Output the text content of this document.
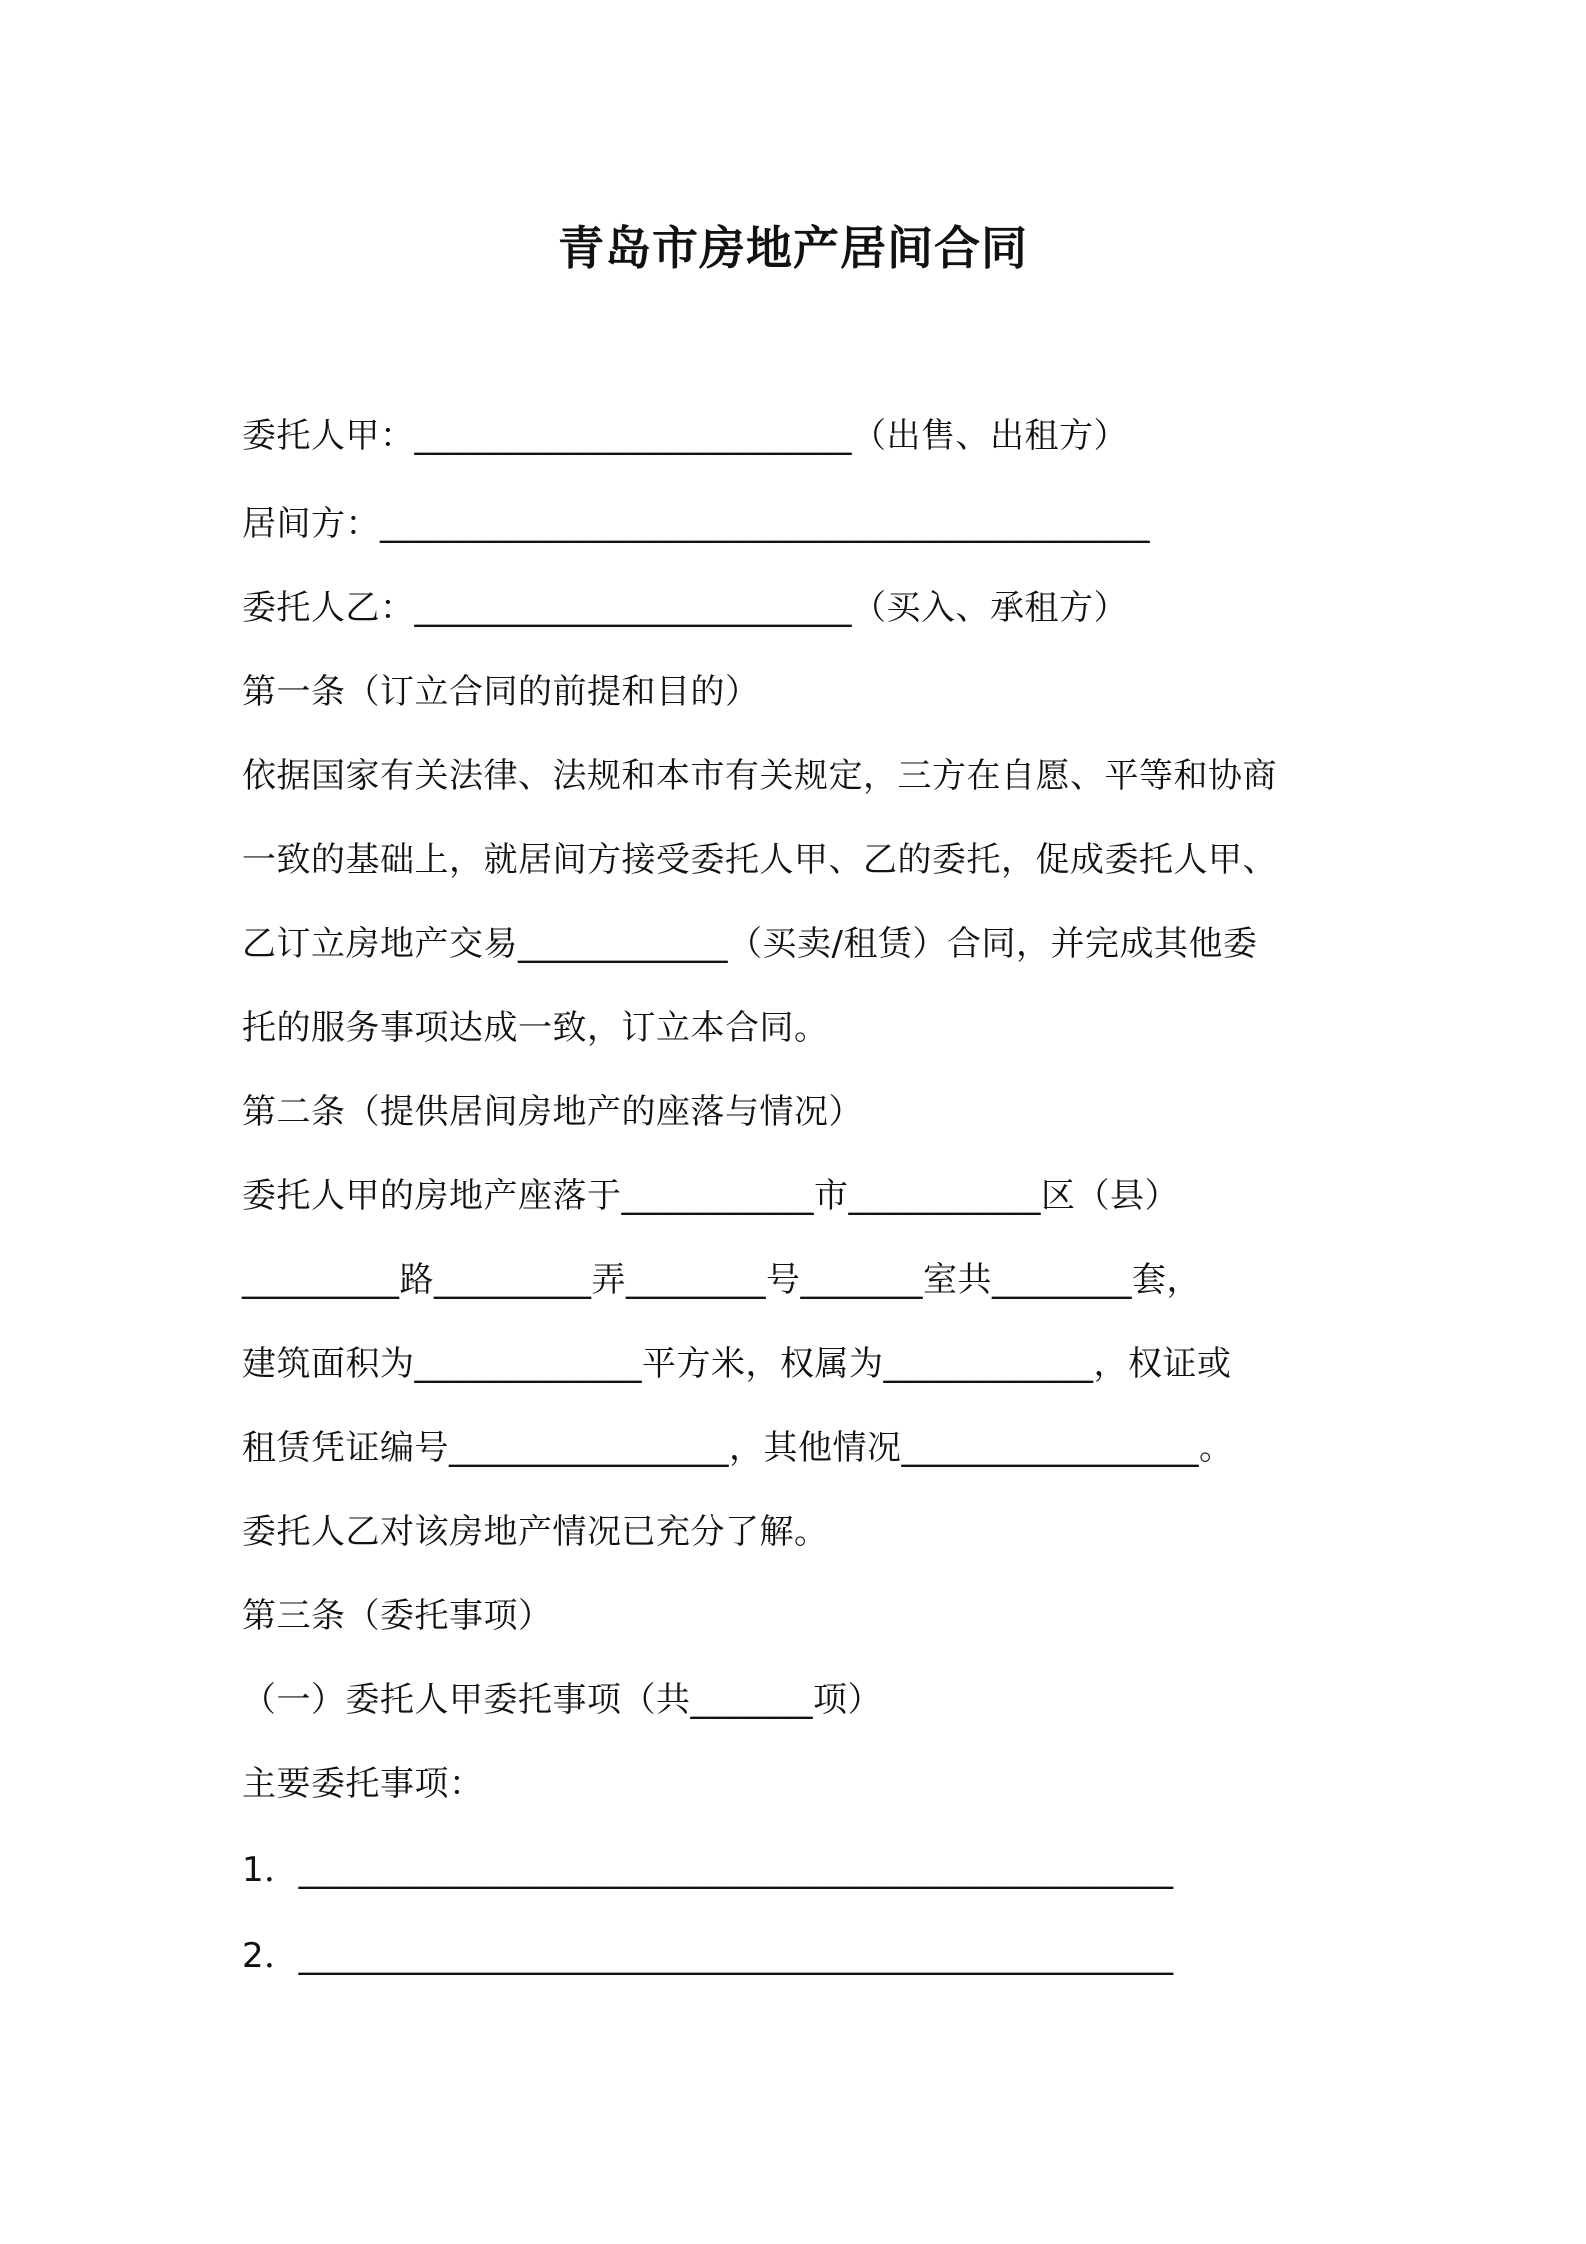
青岛市房地产居间合同
委托人甲：_________________________（出售、出租方）
居间方：____________________________________________
委托人乙：_________________________（买入、承租方）
第一条（订立合同的前提和目的）
依据国家有关法律、法规和本市有关规定，三方在自愿、平等和协商
一致的基础上，就居间方接受委托人甲、乙的委托，促成委托人甲、
乙订立房地产交易____________（买卖/租赁）合同，并完成其他委
托的服务事项达成一致，订立本合同。
第二条（提供居间房地产的座落与情况）
委托人甲的房地产座落于___________市___________区（县）
_________路_________弄________号_______室共________套，
建筑面积为_____________平方米，权属为____________，权证或
租赁凭证编号________________，其他情况_________________。
委托人乙对该房地产情况已充分了解。
第三条（委托事项）
（一）委托人甲委托事项（共_______项）
主要委托事项：
1．__________________________________________________
2．__________________________________________________
